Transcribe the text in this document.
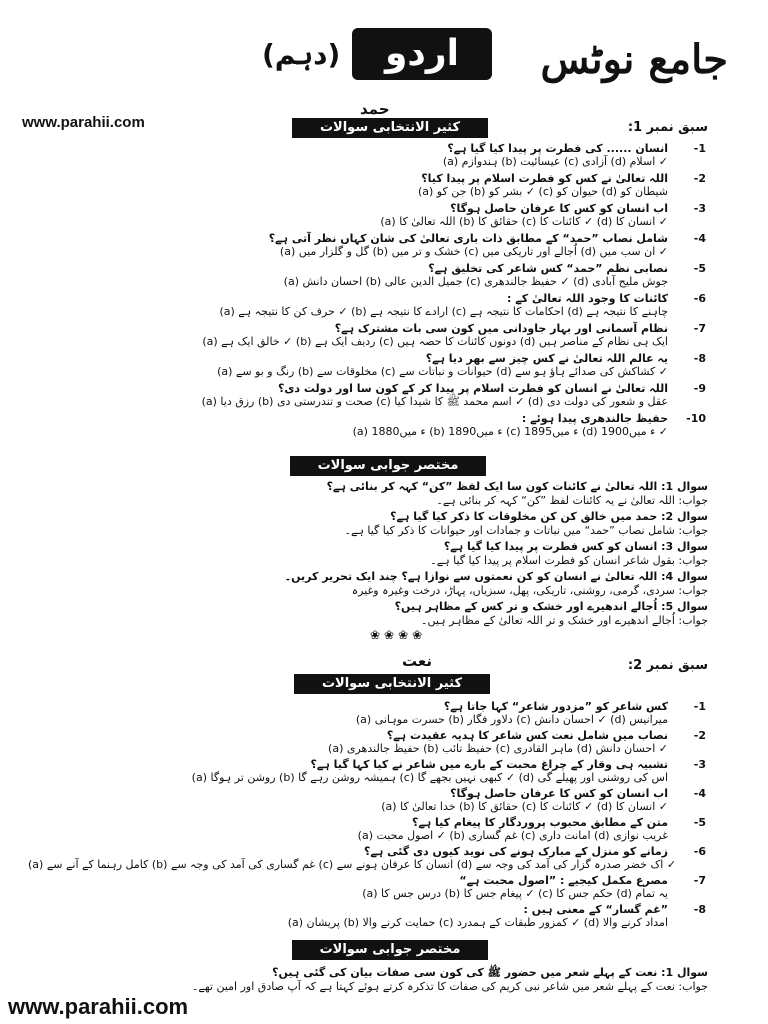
جامع نوٹس
اردو
(دہم)
www.parahii.com	سبق نمبر 1:
حمد
کثیر الانتخابی سوالات
-1
انسان ...... کی فطرت پر پیدا کیا گیا ہے؟
(a) ہندوازم (b) عیسائیت (c) آزادی (d) اسلام ✓
-2
اللہ تعالیٰ نے کس کو فطرت اسلام پر پیدا کیا؟
(a) جن کو (b) بشر کو ✓ (c) حیوان کو (d) شیطان کو
-3
اب انسان کو کس کا عرفان حاصل ہوگا؟
(a) اللہ تعالیٰ کا (b) حقائق کا (c) کائنات کا ✓ (d) انسان کا ✓
-4
شامل نصاب ”حمد“ کے مطابق ذات باری تعالیٰ کی شان کہاں نظر آتی ہے؟
(a) گل و گلزار میں (b) خشک و تر میں (c) اُجالے اور تاریکی میں (d) ان سب میں ✓
-5
نصابی نظم ”حمد“ کس شاعر کی تخلیق ہے؟
(a) احسان دانش (b) جمیل الدین عالی (c) حفیظ جالندھری ✓ (d) جوش ملیح آبادی
-6
کائنات کا وجود اللہ تعالیٰ کے :
(a) حرف کن کا نتیجہ ہے ✓ (b) ارادے کا نتیجہ ہے (c) احکامات کا نتیجہ ہے (d) چاہنے کا نتیجہ ہے
-7
نظام آسمانی اور بہار جاودانی میں کون سی بات مشترک ہے؟
(a) خالق ایک ہے ✓ (b) ردیف ایک ہے (c) دونوں کائنات کا حصہ ہیں (d) ایک ہی نظام کے مناصر ہیں
-8
یہ عالم اللہ تعالیٰ نے کس چیز سے بھر دیا ہے؟
(a) رنگ و بو سے (b) مخلوقات سے (c) حیوانات و نباتات سے (d) کشاکش کی صدائے ہاؤ ہو سے ✓
-9
اللہ تعالیٰ نے انسان کو فطرت اسلام پر پیدا کر کے کون سا اور دولت دی؟
(a) رزق دیا (b) صحت و تندرستی دی (c) اسم محمد ﷺ کا شیدا کیا ✓ (d) عقل و شعور کی دولت دی
-10
حفیظ جالندھری پیدا ہوئے :
(a) 1880ء میں (b) 1890ء میں (c) 1895ء میں (d) 1900ء میں ✓
مختصر جوابی سوالات
سوال 1: اللہ تعالیٰ نے کائنات کون سا ایک لفظ ”کن“ کہہ کر بنائی ہے؟
جواب: اللہ تعالیٰ نے یہ کائنات لفظ ”کن“ کہہ کر بنائی ہے۔
سوال 2: حمد میں خالق کن کن مخلوقات کا ذکر کیا گیا ہے؟
جواب: شامل نصاب ”حمد“ میں نباتات و جمادات اور حیوانات کا ذکر کیا گیا ہے۔
سوال 3: انسان کو کس فطرت پر پیدا کیا گیا ہے؟
جواب: بقول شاعر انسان کو فطرت اسلام پر پیدا کیا گیا ہے۔
سوال 4: اللہ تعالیٰ نے انسان کو کن نعمتوں سے نوازا ہے؟ چند ایک تحریر کریں۔
جواب: سردی، گرمی، روشنی، تاریکی، پھل، سبزیاں، پہاڑ، درخت وغیرہ وغیرہ
سوال 5: اُجالے اندھیرے اور خشک و تر کس کے مظاہر ہیں؟
جواب: اُجالے اندھیرے اور خشک و تر اللہ تعالیٰ کے مظاہر ہیں۔
❀❀❀❀
سبق نمبر 2:
نعت
کثیر الانتخابی سوالات
-1
کس شاعر کو ”مزدور شاعر“ کہا جاتا ہے؟
(a) حسرت موہانی (b) دلاور فگار (c) احسان دانش ✓ (d) میرانیس
-2
نصاب میں شامل نعت کس شاعر کا ہدیہ عقیدت ہے؟
(a) حفیظ جالندھری (b) حفیظ تائب (c) ماہر القادری (d) احسان دانش ✓
-3
تشبیہ ہی وقار کے چراغ محبت کے بارے میں شاعر نے کیا کہا گیا ہے؟
(a) روشن تر ہوگا (b) ہمیشہ روشن رہے گا (c) کبھی نہیں بجھے گا ✓ (d) اس کی روشنی اور پھیلے گی
-4
اب انسان کو کس کا عرفان حاصل ہوگا؟
(a) خدا تعالیٰ کا (b) حقائق کا (c) کائنات کا ✓ (d) انسان کا ✓
-5
متن کے مطابق محبوب پروردگار کا پیغام کیا ہے؟
(a) اصول محبت ✓ (b) غم گساری (c) امانت داری (d) غریب نوازی
-6
زمانے کو منزل کے مبارک ہونے کی نوید کیوں دی گئی ہے؟
(a) کامل رہنما کے آنے سے (b) غم گساری کی آمد کی وجہ سے (c) انسان کا عرفان ہونے سے (d) اک خضر صدرہ گزار کی آمد کی وجہ سے ✓
-7
مصرع مکمل کیجیے : ”اصول محبت ہے“
(a) درس جس کا (b) پیغام جس کا ✓ (c) حکم جس کا (d) یہ تمام
-8
”غم گسار“ کے معنی ہیں :
(a) پریشان (b) حمایت کرنے والا (c) کمزور طبقات کے ہمدرد ✓ (d) امداد کرنے والا
مختصر جوابی سوالات
سوال 1: نعت کے پہلے شعر میں حضور ﷺ کی کون سی صفات بیان کی گئی ہیں؟
جواب: نعت کے پہلے شعر میں شاعر نبی کریم کی صفات کا تذکرہ کرتے ہوئے کہتا ہے کہ آپ صادق اور امین تھے۔
www.parahii.com
